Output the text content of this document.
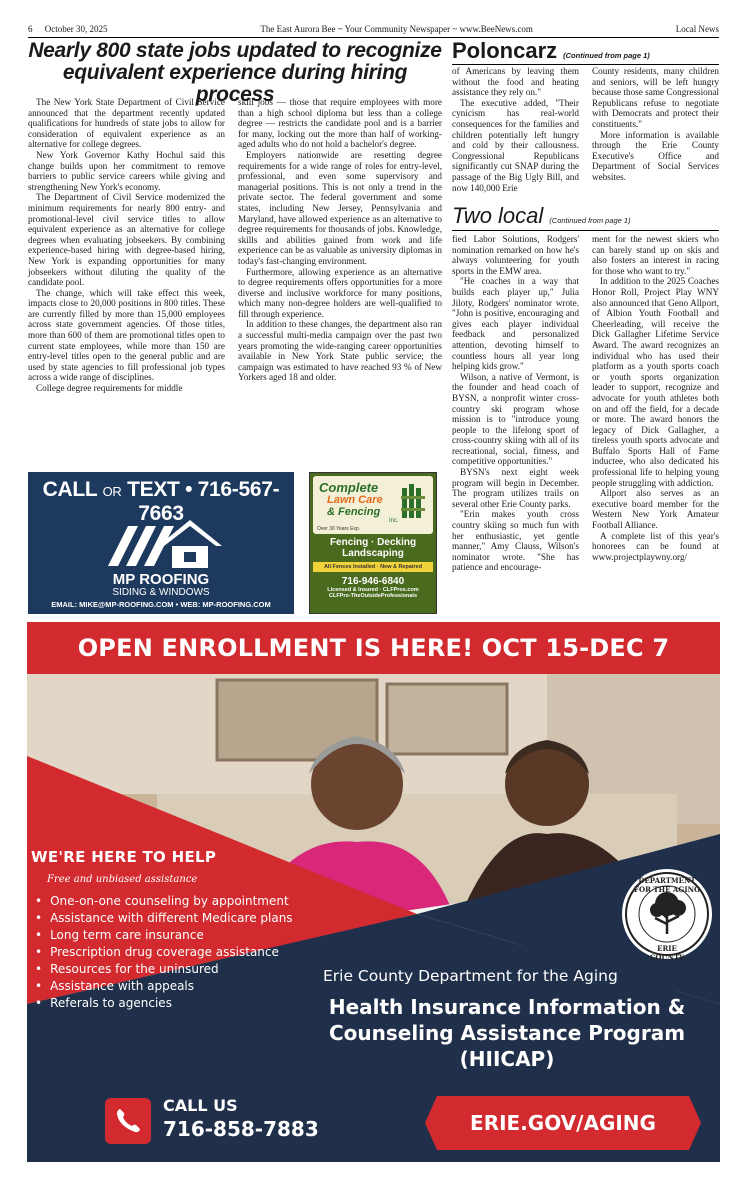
6 October 30, 2025	The East Aurora Bee ~ Your Community Newspaper ~ www.BeeNews.com	Local News
Nearly 800 state jobs updated to recognize equivalent experience during hiring process

The New York State Department of Civil Service announced that the department recently updated qualifications for hundreds of state jobs to allow for consideration of equivalent experience as an alternative for college degrees.

New York Governor Kathy Hochul said this change builds upon her commitment to remove barriers to public service careers while giving and strengthening New York's economy.

The Department of Civil Service modernized the minimum requirements for nearly 800 entry- and promotional-level civil service titles to allow equivalent experience as an alternative for college degrees when evaluating jobseekers. By combining experience-based hiring with degree-based hiring, New York is expanding opportunities for many jobseekers without diluting the quality of the candidate pool.

The change, which will take effect this week, impacts close to 20,000 positions in 800 titles. These are currently filled by more than 15,000 employees across state government agencies. Of those titles, more than 600 of them are promotional titles open to current state employees, while more than 150 are entry-level titles open to the general public and are used by state agencies to fill professional job types across a wide range of disciplines.

College degree requirements for middle

skill jobs — those that require employees with more than a high school diploma but less than a college degree — restricts the candidate pool and is a barrier for many, locking out the more than half of working-aged adults who do not hold a bachelor's degree.

Employers nationwide are resetting degree requirements for a wide range of roles for entry-level, professional, and even some supervisory and managerial positions. This is not only a trend in the private sector. The federal government and some states, including New Jersey, Pennsylvania and Maryland, have allowed experience as an alternative to degree requirements for thousands of jobs. Knowledge, skills and abilities gained from work and life experience can be as valuable as university diplomas in today's fast-changing environment.

Furthermore, allowing experience as an alternative to degree requirements offers opportunities for a more diverse and inclusive workforce for many positions, which many non-degree holders are well-qualified to fill through experience.

In addition to these changes, the department also ran a successful multi-media campaign over the past two years promoting the wide-ranging career opportunities available in New York State public service; the campaign was estimated to have reached 93 % of New Yorkers aged 18 and older.

Poloncarz (Continued from page 1)

of Americans by leaving them without the food and heating assistance they rely on."

The executive added, "Their cynicism has real-world consequences for the families and children potentially left hungry and cold by their callousness. Congressional Republicans significantly cut SNAP during the passage of the Big Ugly Bill, and now 140,000 Erie

County residents, many children and seniors, will be left hungry because those same Congressional Republicans refuse to negotiate with Democrats and protect their constituents."

More information is available through the Erie County Executive's Office and Department of Social Services websites.

Two local (Continued from page 1)

fied Labor Solutions, Rodgers' nomination remarked on how he's always volunteering for youth sports in the EMW area.

"He coaches in a way that builds each player up," Julia Jiloty, Rodgers' nominator wrote. "John is positive, encouraging and gives each player individual feedback and personalized attention, devoting himself to countless hours all year long helping kids grow."

Wilson, a native of Vermont, is the founder and head coach of BYSN, a nonprofit winter cross-country ski program whose mission is to "introduce young people to the lifelong sport of cross-country skiing with all of its recreational, social, fitness, and competitive opportunities."

BYSN's next eight week program will begin in December. The program utilizes trails on several other Erie County parks.

"Erin makes youth cross country skiing so much fun with her enthusiastic, yet gentle manner," Amy Clauss, Wilson's nominator wrote. "She has patience and encourage-

ment for the newest skiers who can barely stand up on skis and also fosters an interest in racing for those who want to try."

In addition to the 2025 Coaches Honor Roll, Project Play WNY also announced that Geno Allport, of Albion Youth Football and Cheerleading, will receive the Dick Gallagher Lifetime Service Award. The award recognizes an individual who has used their platform as a youth sports coach or youth sports organization leader to support, recognize and advocate for youth athletes both on and off the field, for a decade or more. The award honors the legacy of Dick Gallagher, a tireless youth sports advocate and Buffalo Sports Hall of Fame inductee, who also dedicated his professional life to helping young people struggling with addiction.

Allport also serves as an executive board member for the Western New York Amateur Football Alliance.

A complete list of this year's honorees can be found at www.projectplaywny.org/

CALL OR TEXT • 716-567-7663
MP ROOFING
SIDING & WINDOWS
EMAIL: MIKE@MP-ROOFING.COM • WEB: MP-ROOFING.COM
Complete
Lawn Care
& Fencing
Inc.
Over 30 Years Exp.
Fencing · Decking
Landscaping
All Fences Installed · New & Repaired
716-946-6840
Licensed & Insured · CLFPros.com
CLFPro-TheOutsideProfessionals
OPEN ENROLLMENT IS HERE! OCT 15-DEC 7
WE'RE HERE TO HELP
Free and unbiased assistance
• One-on-one counseling by appointment
• Assistance with different Medicare plans
• Long term care insurance
• Prescription drug coverage assistance
• Resources for the uninsured
• Assistance with appeals
• Referals to agencies
DEPARTMENT FOR THE AGING
ERIE COUNTY
Erie County Department for the Aging
Health Insurance Information &
Counseling Assistance Program
(HIICAP)
CALL US
716-858-7883	ERIE.GOV/AGING
